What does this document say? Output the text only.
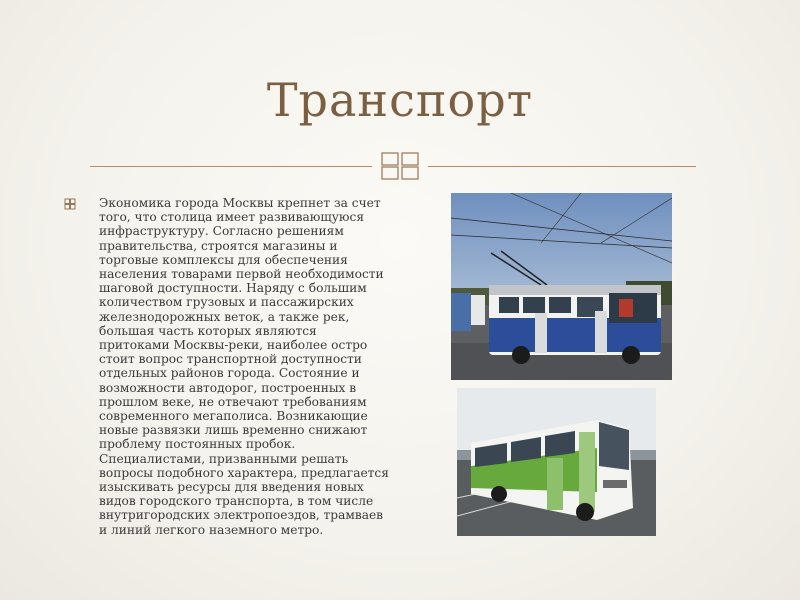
Транспорт
Экономика города Москвы крепнет за счет того, что столица имеет развивающуюся инфраструктуру. Согласно решениям правительства, строятся магазины и торговые комплексы для обеспечения населения товарами первой необходимости шаговой доступности. Наряду с большим количеством грузовых и пассажирских железнодорожных веток, а также рек, большая часть которых являются притоками Москвы-реки, наиболее остро стоит вопрос транспортной доступности отдельных районов города. Состояние и возможности автодорог, построенных в прошлом веке, не отвечают требованиям современного мегаполиса. Возникающие новые развязки лишь временно снижают проблему постоянных пробок. Специалистами, призванными решать вопросы подобного характера, предлагается изыскивать ресурсы для введения новых видов городского транспорта, в том числе внутригородских электропоездов, трамваев и линий легкого наземного метро.
